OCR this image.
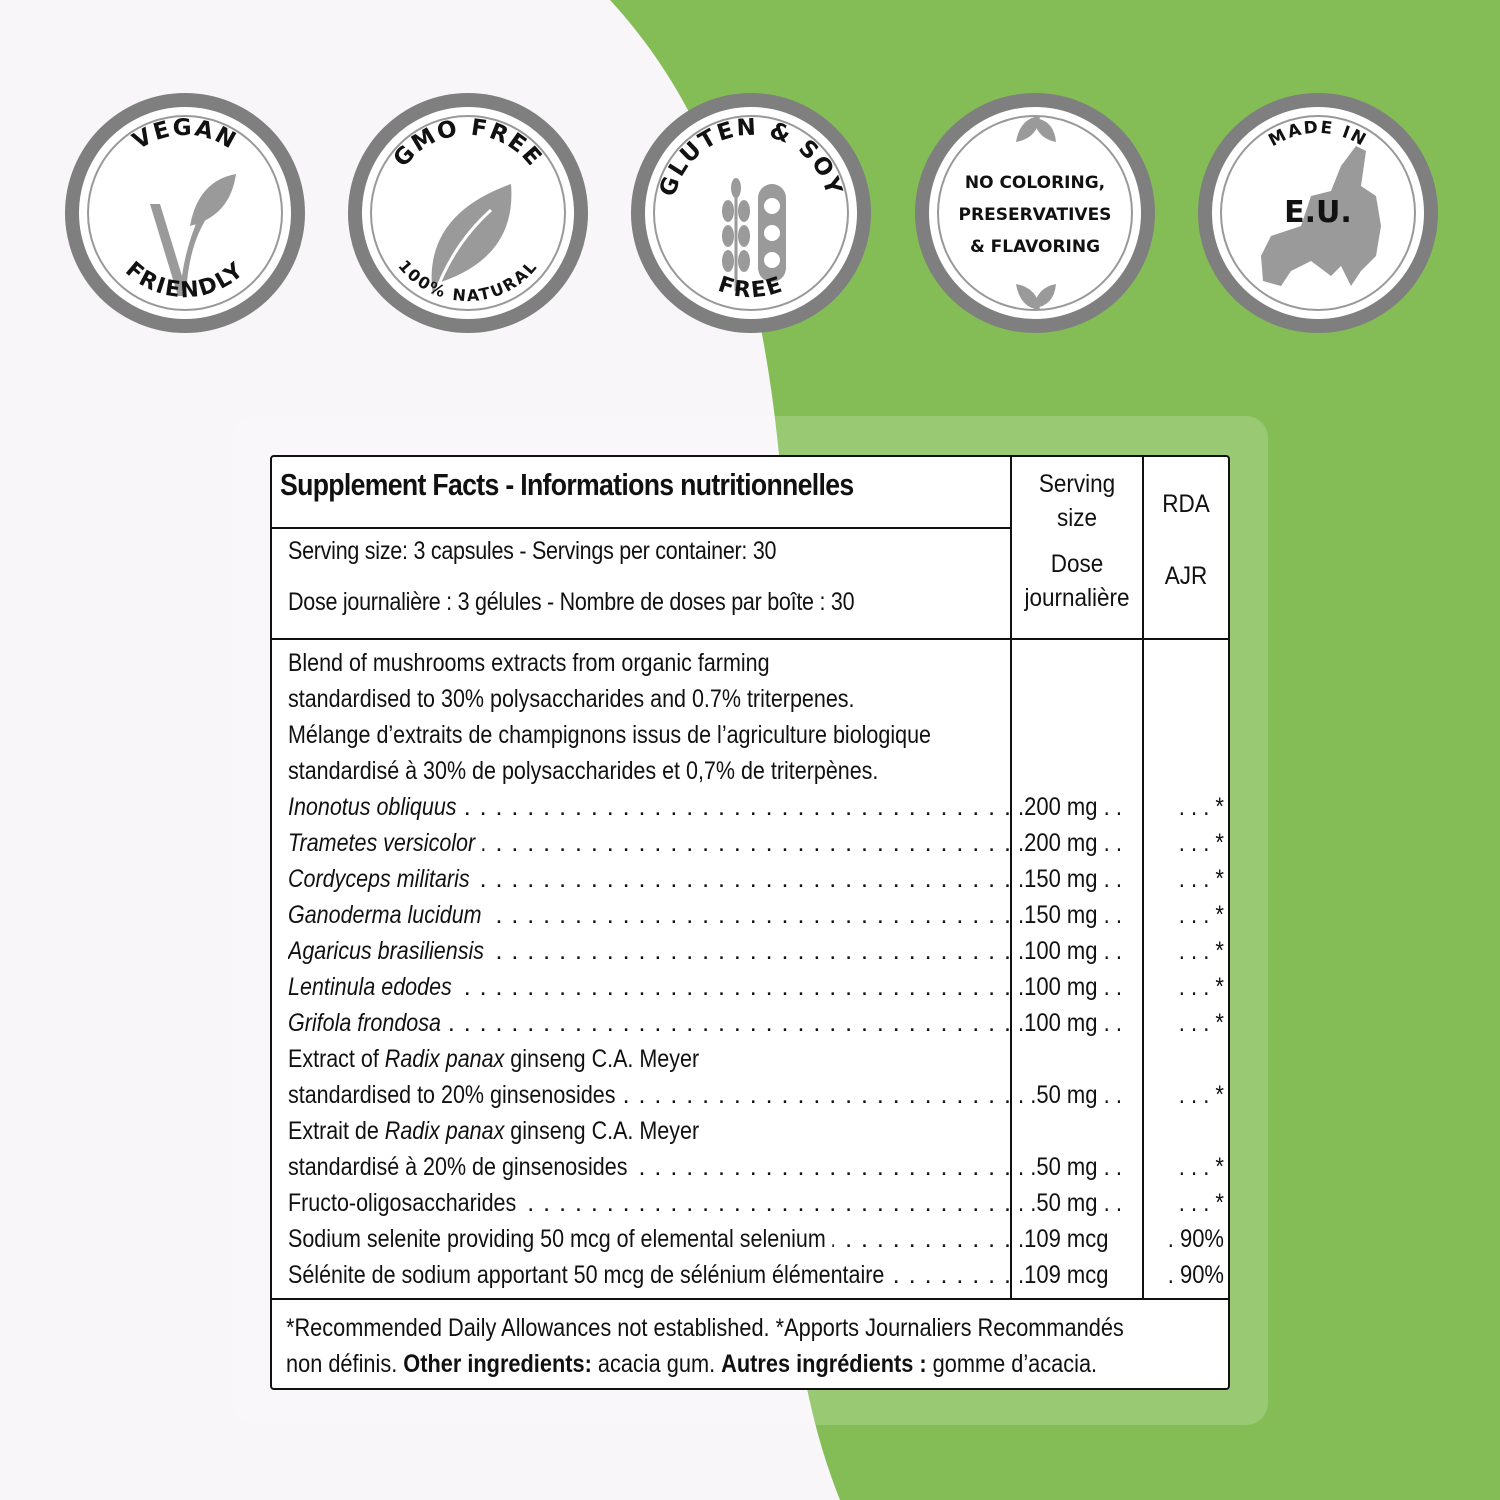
VEGAN
FRIENDLY
GMO FREE
100% NATURAL
GLUTEN & SOY
FREE
NO COLORING,
PRESERVATIVES
& FLAVORING
MADE IN
E.U.
Supplement Facts - Informations nutritionnelles
Serving size: 3 capsules - Servings per container: 30
Dose journalière : 3 gélules - Nombre de doses par boîte : 30
Serving
size
Dose
journalière
RDA
AJR
Blend of mushrooms extracts from organic farming
standardised to 30% polysaccharides and 0.7% triterpenes.
Mélange d’extraits de champignons issus de l’agriculture biologique
standardisé à 30% de polysaccharides et 0,7% de triterpènes.
Inonotus obliquus . . .	.200 mg . .	. . . *
Trametes versicolor . . .	.200 mg . .	. . . *
Cordyceps militaris . . .	.150 mg . .	. . . *
Ganoderma lucidum . . .	.150 mg . .	. . . *
Agaricus brasiliensis . . .	.100 mg . .	. . . *
Lentinula edodes . . .	.100 mg . .	. . . *
Grifola frondosa . . .	.100 mg . .	. . . *
Extract of Radix panax ginseng C.A. Meyer
standardised to 20% ginsenosides . . .	. .50 mg . .	. . . *
Extrait de Radix panax ginseng C.A. Meyer
standardisé à 20% de ginsenosides . . .	. .50 mg . .	. . . *
Fructo-oligosaccharides . . .	. .50 mg . .	. . . *
Sodium selenite providing 50 mcg of elemental selenium . . .	.109 mcg	. 90%
Sélénite de sodium apportant 50 mcg de sélénium élémentaire . . .	.109 mcg	. 90%
*Recommended Daily Allowances not established. *Apports Journaliers Recommandés
non définis. Other ingredients: acacia gum. Autres ingrédients : gomme d’acacia.
